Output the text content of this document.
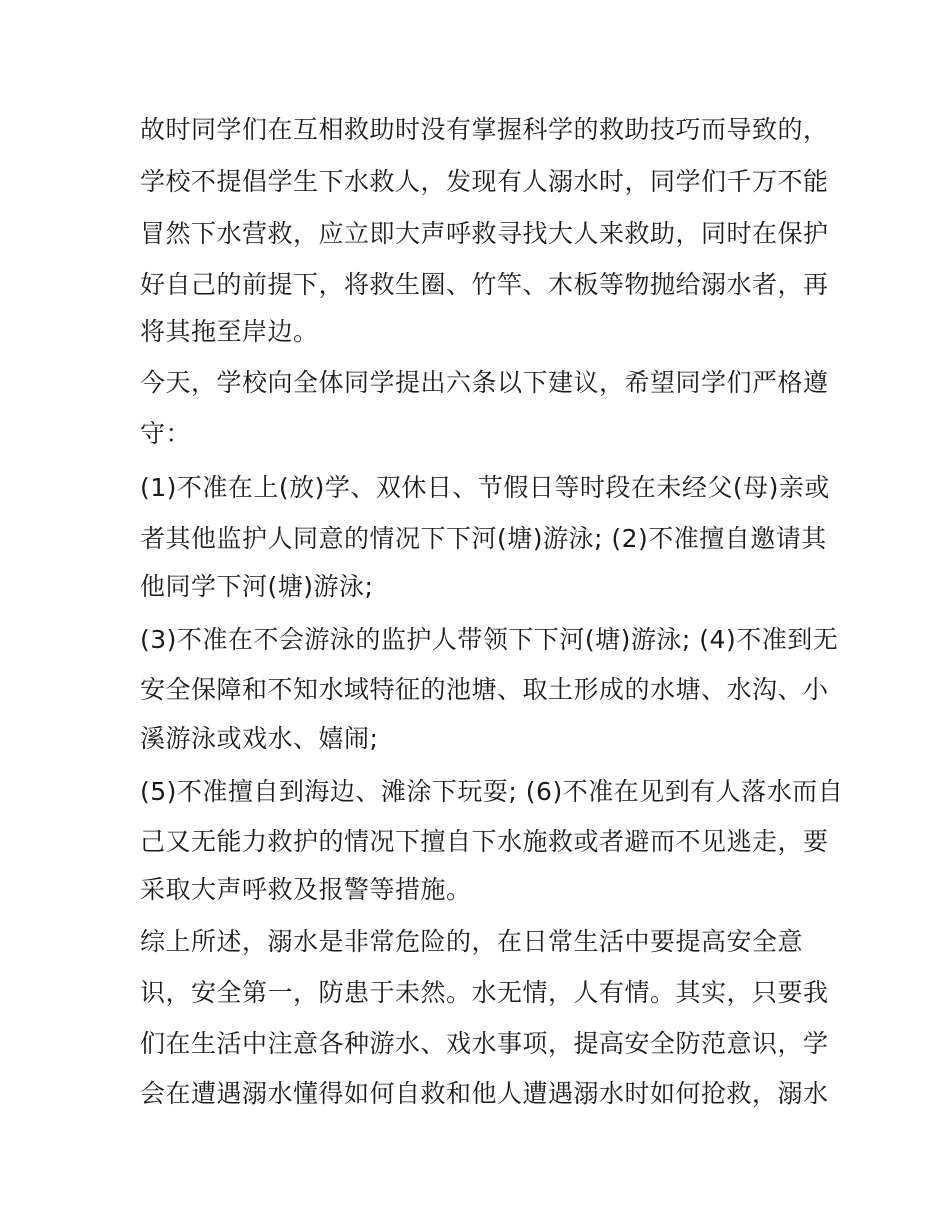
故时同学们在互相救助时没有掌握科学的救助技巧而导致的，
学校不提倡学生下水救人，发现有人溺水时，同学们千万不能
冒然下水营救，应立即大声呼救寻找大人来救助，同时在保护
好自己的前提下，将救生圈、竹竿、木板等物抛给溺水者，再
将其拖至岸边。
今天，学校向全体同学提出六条以下建议，希望同学们严格遵
守：
(1)不准在上(放)学、双休日、节假日等时段在未经父(母)亲或
者其他监护人同意的情况下下河(塘)游泳; (2)不准擅自邀请其
他同学下河(塘)游泳;
(3)不准在不会游泳的监护人带领下下河(塘)游泳; (4)不准到无
安全保障和不知水域特征的池塘、取土形成的水塘、水沟、小
溪游泳或戏水、嬉闹;
(5)不准擅自到海边、滩涂下玩耍; (6)不准在见到有人落水而自
己又无能力救护的情况下擅自下水施救或者避而不见逃走，要
采取大声呼救及报警等措施。
综上所述，溺水是非常危险的，在日常生活中要提高安全意
识，安全第一，防患于未然。水无情，人有情。其实，只要我
们在生活中注意各种游水、戏水事项，提高安全防范意识，学
会在遭遇溺水懂得如何自救和他人遭遇溺水时如何抢救，溺水
